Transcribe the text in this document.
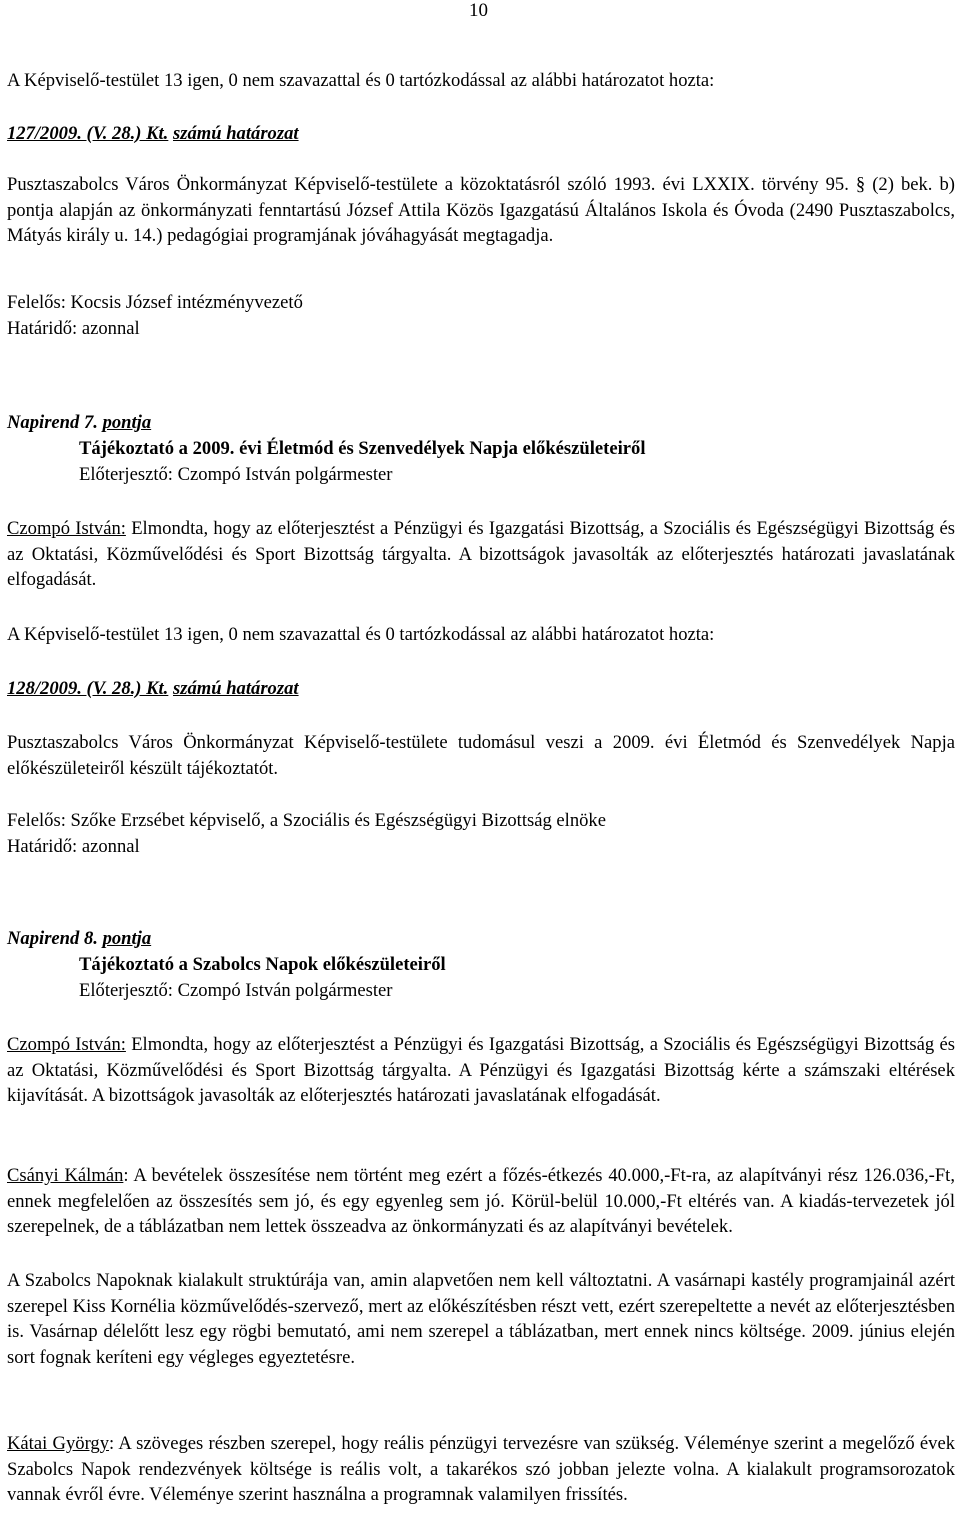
10

A Képviselő-testület 13 igen, 0 nem szavazattal és 0 tartózkodással az alábbi határozatot hozta:

127/2009. (V. 28.) Kt. számú határozat

Pusztaszabolcs Város Önkormányzat Képviselő-testülete a közoktatásról szóló 1993. évi LXXIX. törvény 95. § (2) bek. b) pontja alapján az önkormányzati fenntartású József Attila Közös Igazgatású Általános Iskola és Óvoda (2490 Pusztaszabolcs, Mátyás király u. 14.) pedagógiai programjának jóváhagyását megtagadja.

Felelős: Kocsis József intézményvezető

Határidő: azonnal

Napirend 7. pontja

Tájékoztató a 2009. évi Életmód és Szenvedélyek Napja előkészületeiről

Előterjesztő: Czompó István polgármester

Czompó István: Elmondta, hogy az előterjesztést a Pénzügyi és Igazgatási Bizottság, a Szociális és Egészségügyi Bizottság és az Oktatási, Közművelődési és Sport Bizottság tárgyalta. A bizottságok javasolták az előterjesztés határozati javaslatának elfogadását.

A Képviselő-testület 13 igen, 0 nem szavazattal és 0 tartózkodással az alábbi határozatot hozta:

128/2009. (V. 28.) Kt. számú határozat

Pusztaszabolcs Város Önkormányzat Képviselő-testülete tudomásul veszi a 2009. évi Életmód és Szenvedélyek Napja előkészületeiről készült tájékoztatót.

Felelős: Szőke Erzsébet képviselő, a Szociális és Egészségügyi Bizottság elnöke

Határidő: azonnal

Napirend 8. pontja

Tájékoztató a Szabolcs Napok előkészületeiről

Előterjesztő: Czompó István polgármester

Czompó István: Elmondta, hogy az előterjesztést a Pénzügyi és Igazgatási Bizottság, a Szociális és Egészségügyi Bizottság és az Oktatási, Közművelődési és Sport Bizottság tárgyalta. A Pénzügyi és Igazgatási Bizottság kérte a számszaki eltérések kijavítását. A bizottságok javasolták az előterjesztés határozati javaslatának elfogadását.

Csányi Kálmán: A bevételek összesítése nem történt meg ezért a főzés-étkezés 40.000,-Ft-ra, az alapítványi rész 126.036,-Ft, ennek megfelelően az összesítés sem jó, és egy egyenleg sem jó. Körül-belül 10.000,-Ft eltérés van. A kiadás-tervezetek jól szerepelnek, de a táblázatban nem lettek összeadva az önkormányzati és az alapítványi bevételek.

A Szabolcs Napoknak kialakult struktúrája van, amin alapvetően nem kell változtatni. A vasárnapi kastély programjainál azért szerepel Kiss Kornélia közművelődés-szervező, mert az előkészítésben részt vett, ezért szerepeltette a nevét az előterjesztésben is. Vasárnap délelőtt lesz egy rögbi bemutató, ami nem szerepel a táblázatban, mert ennek nincs költsége. 2009. június elején sort fognak keríteni egy végleges egyeztetésre.

Kátai György: A szöveges részben szerepel, hogy reális pénzügyi tervezésre van szükség. Véleménye szerint a megelőző évek Szabolcs Napok rendezvények költsége is reális volt, a takarékos szó jobban jelezte volna. A kialakult programsorozatok vannak évről évre. Véleménye szerint használna a programnak valamilyen frissítés.
